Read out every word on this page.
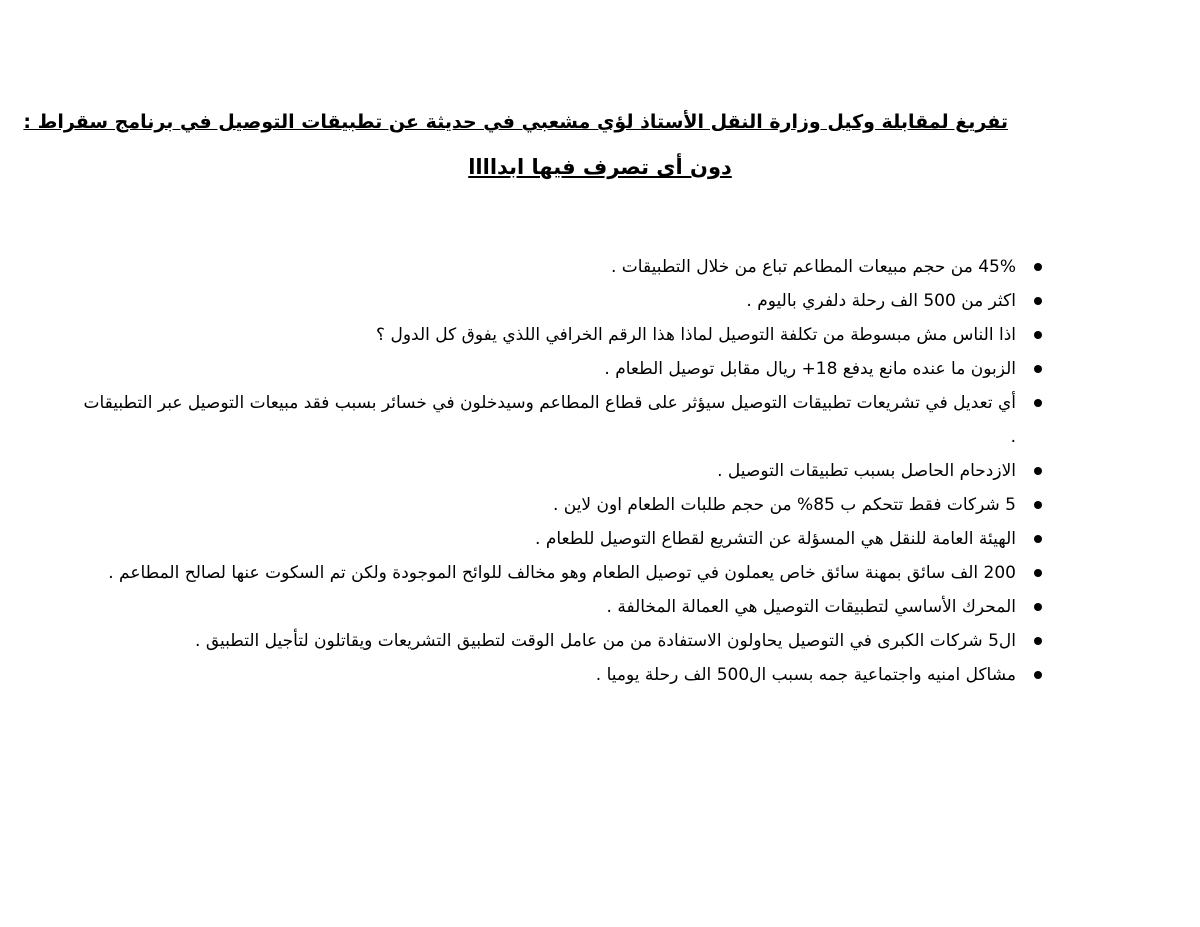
تفريغ لمقابلة وكيل وزارة النقل الأستاذ لؤي مشعبي في حديثة عن تطبيقات التوصيل في برنامج سقراط :
دون أى تصرف فيها ابداااا
45% من حجم مبيعات المطاعم تباع من خلال التطبيقات .
اكثر من 500 الف رحلة دلفري باليوم .
اذا الناس مش مبسوطة من تكلفة التوصيل لماذا هذا الرقم الخرافي اللذي يفوق كل الدول ؟
الزبون ما عنده مانع يدفع 18+ ريال مقابل توصيل الطعام .
أي تعديل في تشريعات تطبيقات التوصيل سيؤثر على قطاع المطاعم وسيدخلون في خسائر بسبب فقد مبيعات التوصيل عبر التطبيقات .
الازدحام الحاصل بسبب تطبيقات التوصيل .
5 شركات فقط تتحكم ب 85% من حجم طلبات الطعام اون لاين .
الهيئة العامة للنقل هي المسؤلة عن التشريع لقطاع التوصيل للطعام .
200 الف سائق بمهنة سائق خاص يعملون في توصيل الطعام وهو مخالف للوائح الموجودة ولكن تم السكوت عنها لصالح المطاعم .
المحرك الأساسي لتطبيقات التوصيل هي العمالة المخالفة .
ال5 شركات الكبرى في التوصيل يحاولون الاستفادة من من عامل الوقت لتطبيق التشريعات ويقاتلون لتأجيل التطبيق .
مشاكل امنيه واجتماعية جمه بسبب ال500 الف رحلة يوميا .
